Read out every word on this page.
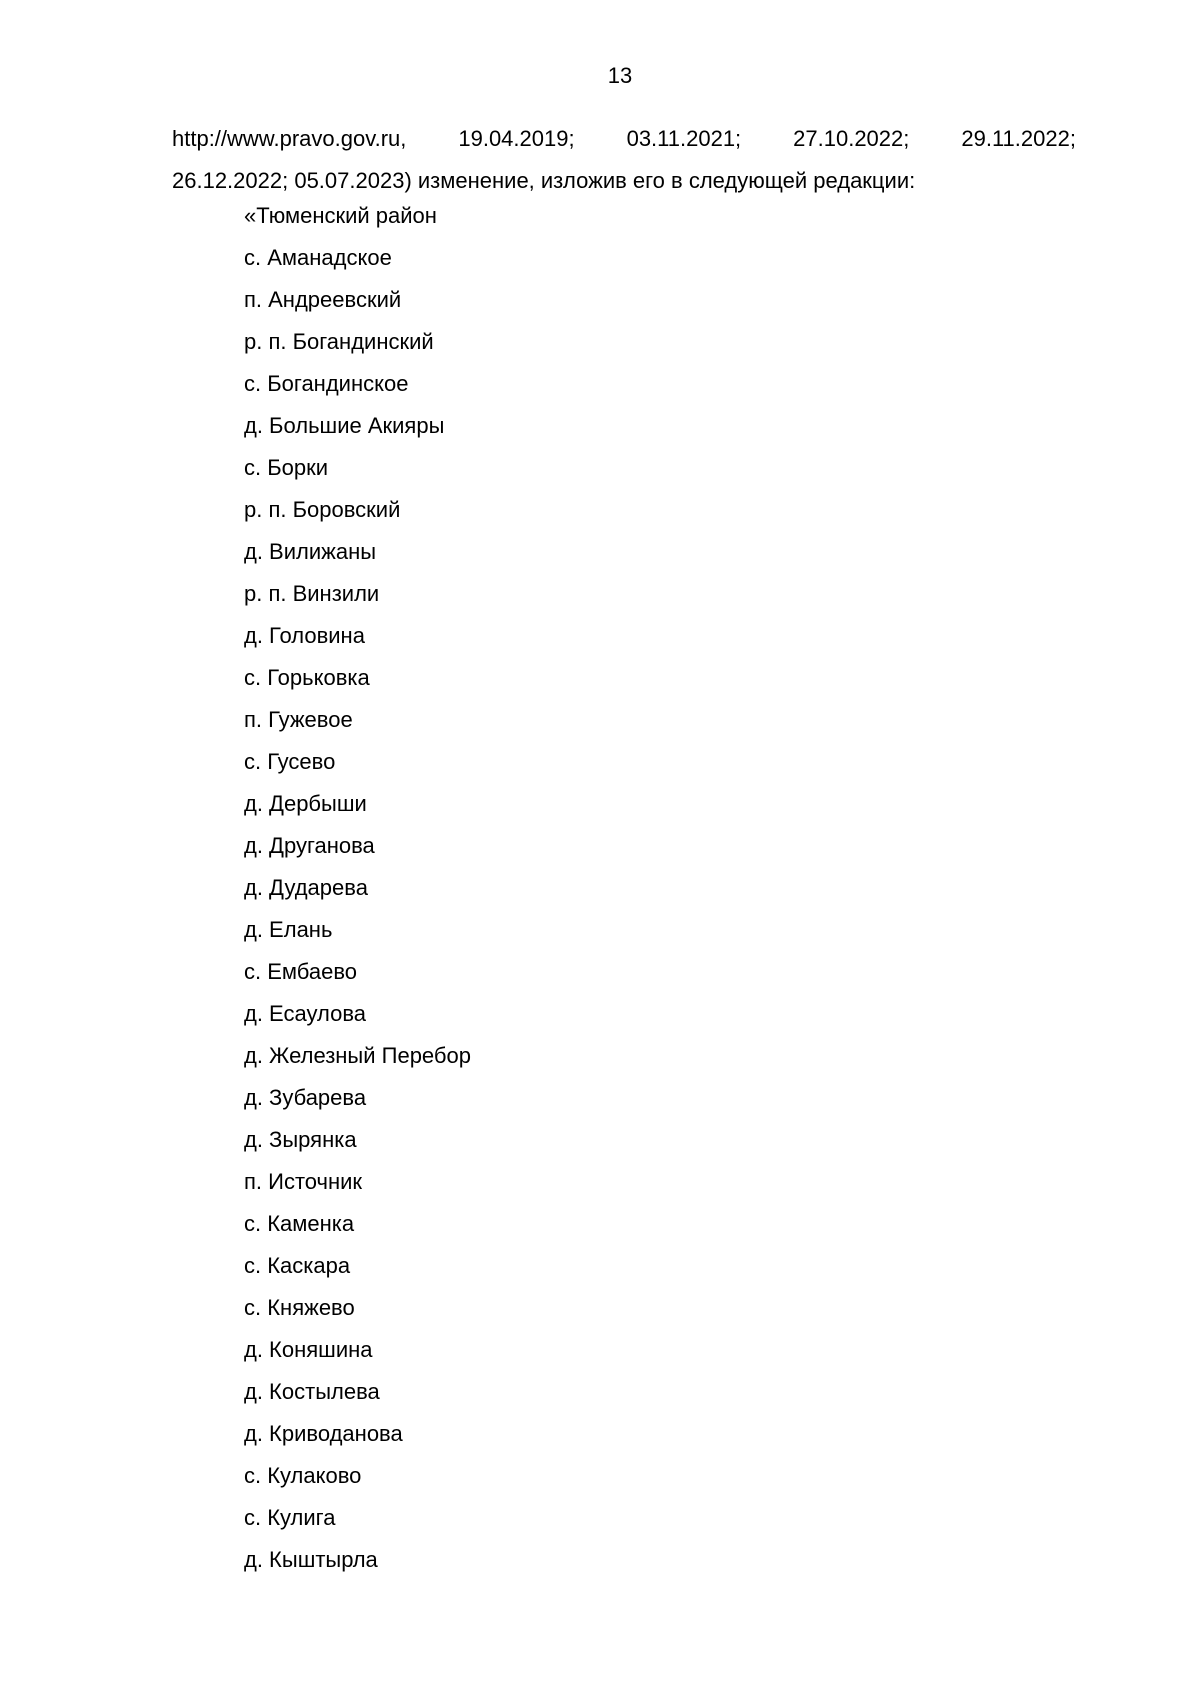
13
http://www.pravo.gov.ru, 19.04.2019; 03.11.2021; 27.10.2022; 29.11.2022;
26.12.2022; 05.07.2023) изменение, изложив его в следующей редакции:
«Тюменский район
с. Аманадское
п. Андреевский
р. п. Богандинский
с. Богандинское
д. Большие Акияры
с. Борки
р. п. Боровский
д. Вилижаны
р. п. Винзили
д. Головина
с. Горьковка
п. Гужевое
с. Гусево
д. Дербыши
д. Друганова
д. Дударева
д. Елань
с. Ембаево
д. Есаулова
д. Железный Перебор
д. Зубарева
д. Зырянка
п. Источник
с. Каменка
с. Каскара
с. Княжево
д. Коняшина
д. Костылева
д. Криводанова
с. Кулаково
с. Кулига
д. Кыштырла
